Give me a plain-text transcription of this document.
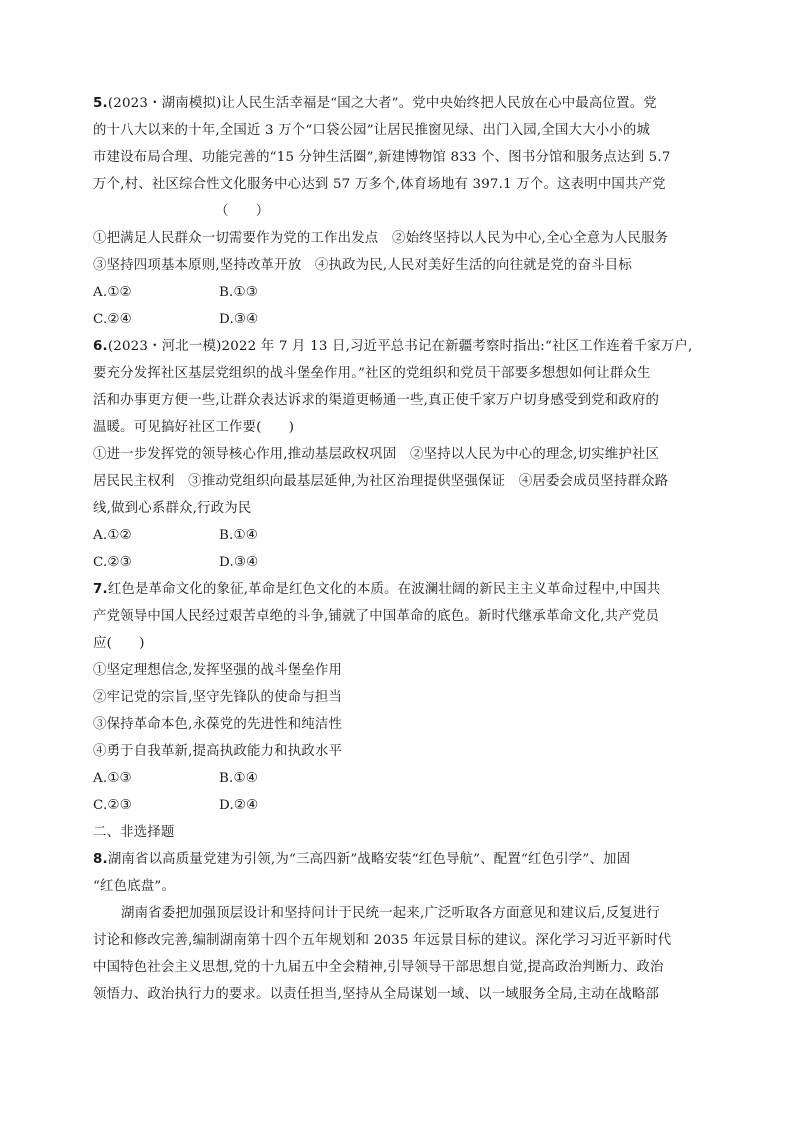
5.(2023・湖南模拟)让人民生活幸福是“国之大者”。党中央始终把人民放在心中最高位置。党
的十八大以来的十年,全国近 3 万个“口袋公园”让居民推窗见绿、出门入园,全国大大小小的城
市建设布局合理、功能完善的“15 分钟生活圈”,新建博物馆 833 个、图书分馆和服务点达到 5.7
万个,村、社区综合性文化服务中心达到 57 万多个,体育场地有 397.1 万个。这表明中国共产党
（　　）
①把满足人民群众一切需要作为党的工作出发点　②始终坚持以人民为中心,全心全意为人民服务
③坚持四项基本原则,坚持改革开放　④执政为民,人民对美好生活的向往就是党的奋斗目标
A.①②	B.①③
C.②④	D.③④
6.(2023・河北一模)2022 年 7 月 13 日,习近平总书记在新疆考察时指出:“社区工作连着千家万户,
要充分发挥社区基层党组织的战斗堡垒作用。”社区的党组织和党员干部要多想想如何让群众生
活和办事更方便一些,让群众表达诉求的渠道更畅通一些,真正使千家万户切身感受到党和政府的
温暖。可见搞好社区工作要(　　)
①进一步发挥党的领导核心作用,推动基层政权巩固　②坚持以人民为中心的理念,切实维护社区
居民民主权利　③推动党组织向最基层延伸,为社区治理提供坚强保证　④居委会成员坚持群众路
线,做到心系群众,行政为民
A.①②	B.①④
C.②③	D.③④
7.红色是革命文化的象征,革命是红色文化的本质。在波澜壮阔的新民主主义革命过程中,中国共
产党领导中国人民经过艰苦卓绝的斗争,铺就了中国革命的底色。新时代继承革命文化,共产党员
应(　　)
①坚定理想信念,发挥坚强的战斗堡垒作用
②牢记党的宗旨,坚守先锋队的使命与担当
③保持革命本色,永葆党的先进性和纯洁性
④勇于自我革新,提高执政能力和执政水平
A.①③	B.①④
C.②③	D.②④
二、非选择题
8.湖南省以高质量党建为引领,为“三高四新”战略安装“红色导航”、配置“红色引学”、加固
“红色底盘”。
湖南省委把加强顶层设计和坚持问计于民统一起来,广泛听取各方面意见和建议后,反复进行
讨论和修改完善,编制湖南第十四个五年规划和 2035 年远景目标的建议。深化学习习近平新时代
中国特色社会主义思想,党的十九届五中全会精神,引导领导干部思想自觉,提高政治判断力、政治
领悟力、政治执行力的要求。以责任担当,坚持从全局谋划一域、以一域服务全局,主动在战略部
